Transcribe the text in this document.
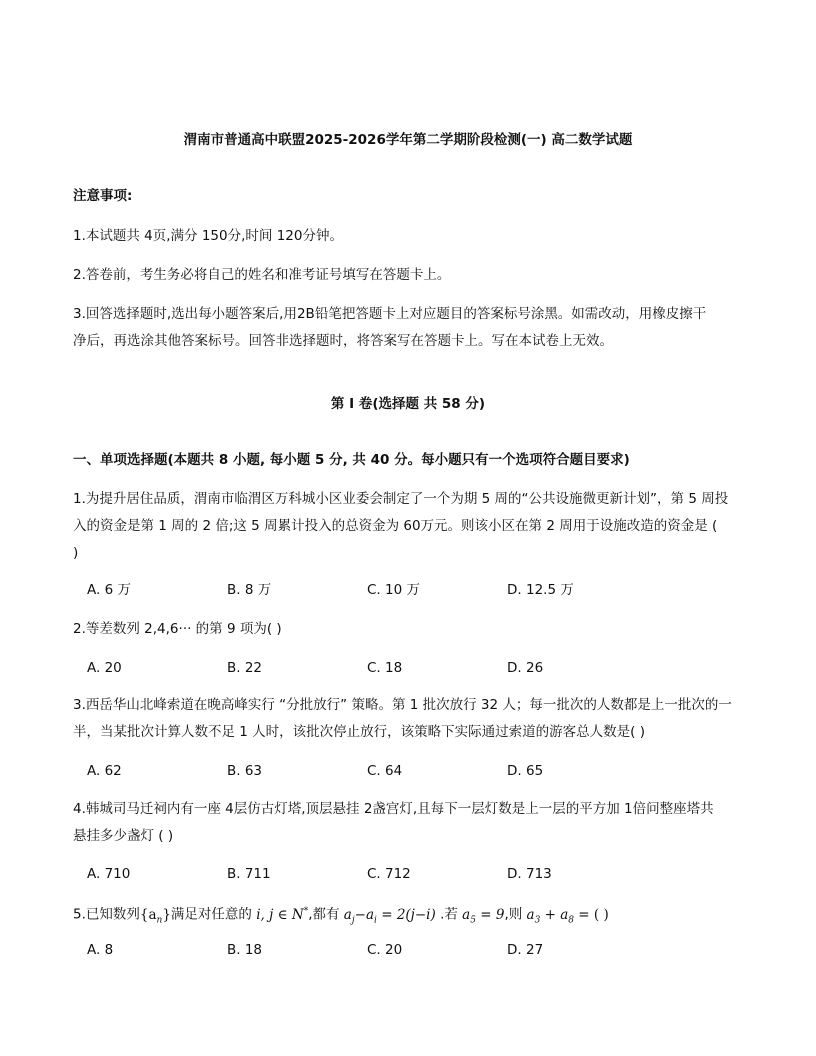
渭南市普通高中联盟2025-2026学年第二学期阶段检测(一) 高二数学试题
注意事项:
1.本试题共 4页,满分 150分,时间 120分钟。
2.答卷前，考生务必将自己的姓名和准考证号填写在答题卡上。
3.回答选择题时,选出每小题答案后,用2B铅笔把答题卡上对应题目的答案标号涂黑。如需改动，用橡皮擦干
净后，再选涂其他答案标号。回答非选择题时，将答案写在答题卡上。写在本试卷上无效。
第 I 卷(选择题 共 58 分)
一、单项选择题(本题共 8 小题, 每小题 5 分, 共 40 分。每小题只有一个选项符合题目要求)
1.为提升居住品质，渭南市临渭区万科城小区业委会制定了一个为期 5 周的“公共设施微更新计划”，第 5 周投
入的资金是第 1 周的 2 倍;这 5 周累计投入的总资金为 60万元。则该小区在第 2 周用于设施改造的资金是 (
)
A. 6 万	B. 8 万	C. 10 万	D. 12.5 万
2.等差数列 2,4,6··· 的第 9 项为( )
A. 20	B. 22	C. 18	D. 26
3.西岳华山北峰索道在晚高峰实行 “分批放行” 策略。第 1 批次放行 32 人；每一批次的人数都是上一批次的一
半，当某批次计算人数不足 1 人时，该批次停止放行，该策略下实际通过索道的游客总人数是( )
A. 62	B. 63	C. 64	D. 65
4.韩城司马迁祠内有一座 4层仿古灯塔,顶层悬挂 2盏宫灯,且每下一层灯数是上一层的平方加 1倍问整座塔共
悬挂多少盏灯 ( )
A. 710	B. 711	C. 712	D. 713
5.已知数列$\{a_n\}$满足对任意的 i, j ∈ N*,都有 $a_j-a_i = 2(j-i)$ .若 $a_5 = 9$,则 $a_3 + a_8$ = ( )
A. 8	B. 18	C. 20	D. 27
